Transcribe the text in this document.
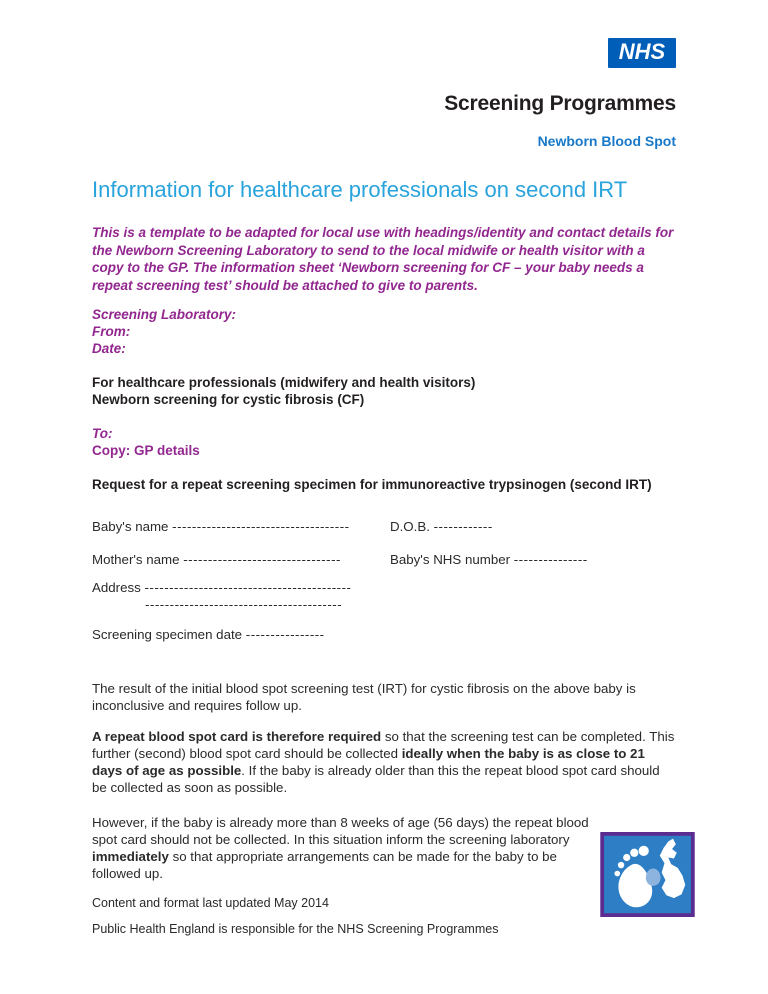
NHS
Screening Programmes
Newborn Blood Spot
Information for healthcare professionals on second IRT

This is a template to be adapted for local use with headings/identity and contact details for the Newborn Screening Laboratory to send to the local midwife or health visitor with a copy to the GP. The information sheet ‘Newborn screening for CF – your baby needs a repeat screening test’ should be attached to give to parents.

Screening Laboratory:
From:
Date:
For healthcare professionals (midwifery and health visitors)
Newborn screening for cystic fibrosis (CF)
To:
Copy: GP details
Request for a repeat screening specimen for immunoreactive trypsinogen (second IRT)
Baby's name ------------------------------------	D.O.B. ------------
Mother's name --------------------------------	Baby's NHS number ---------------
Address ------------------------------------------
----------------------------------------
Screening specimen date ----------------

The result of the initial blood spot screening test (IRT) for cystic fibrosis on the above baby is inconclusive and requires follow up.

A repeat blood spot card is therefore required so that the screening test can be completed. This further (second) blood spot card should be collected ideally when the baby is as close to 21 days of age as possible. If the baby is already older than this the repeat blood spot card should be collected as soon as possible.

However, if the baby is already more than 8 weeks of age (56 days) the repeat blood spot card should not be collected. In this situation inform the screening laboratory immediately so that appropriate arrangements can be made for the baby to be followed up.

Content and format last updated May 2014
Public Health England is responsible for the NHS Screening Programmes
